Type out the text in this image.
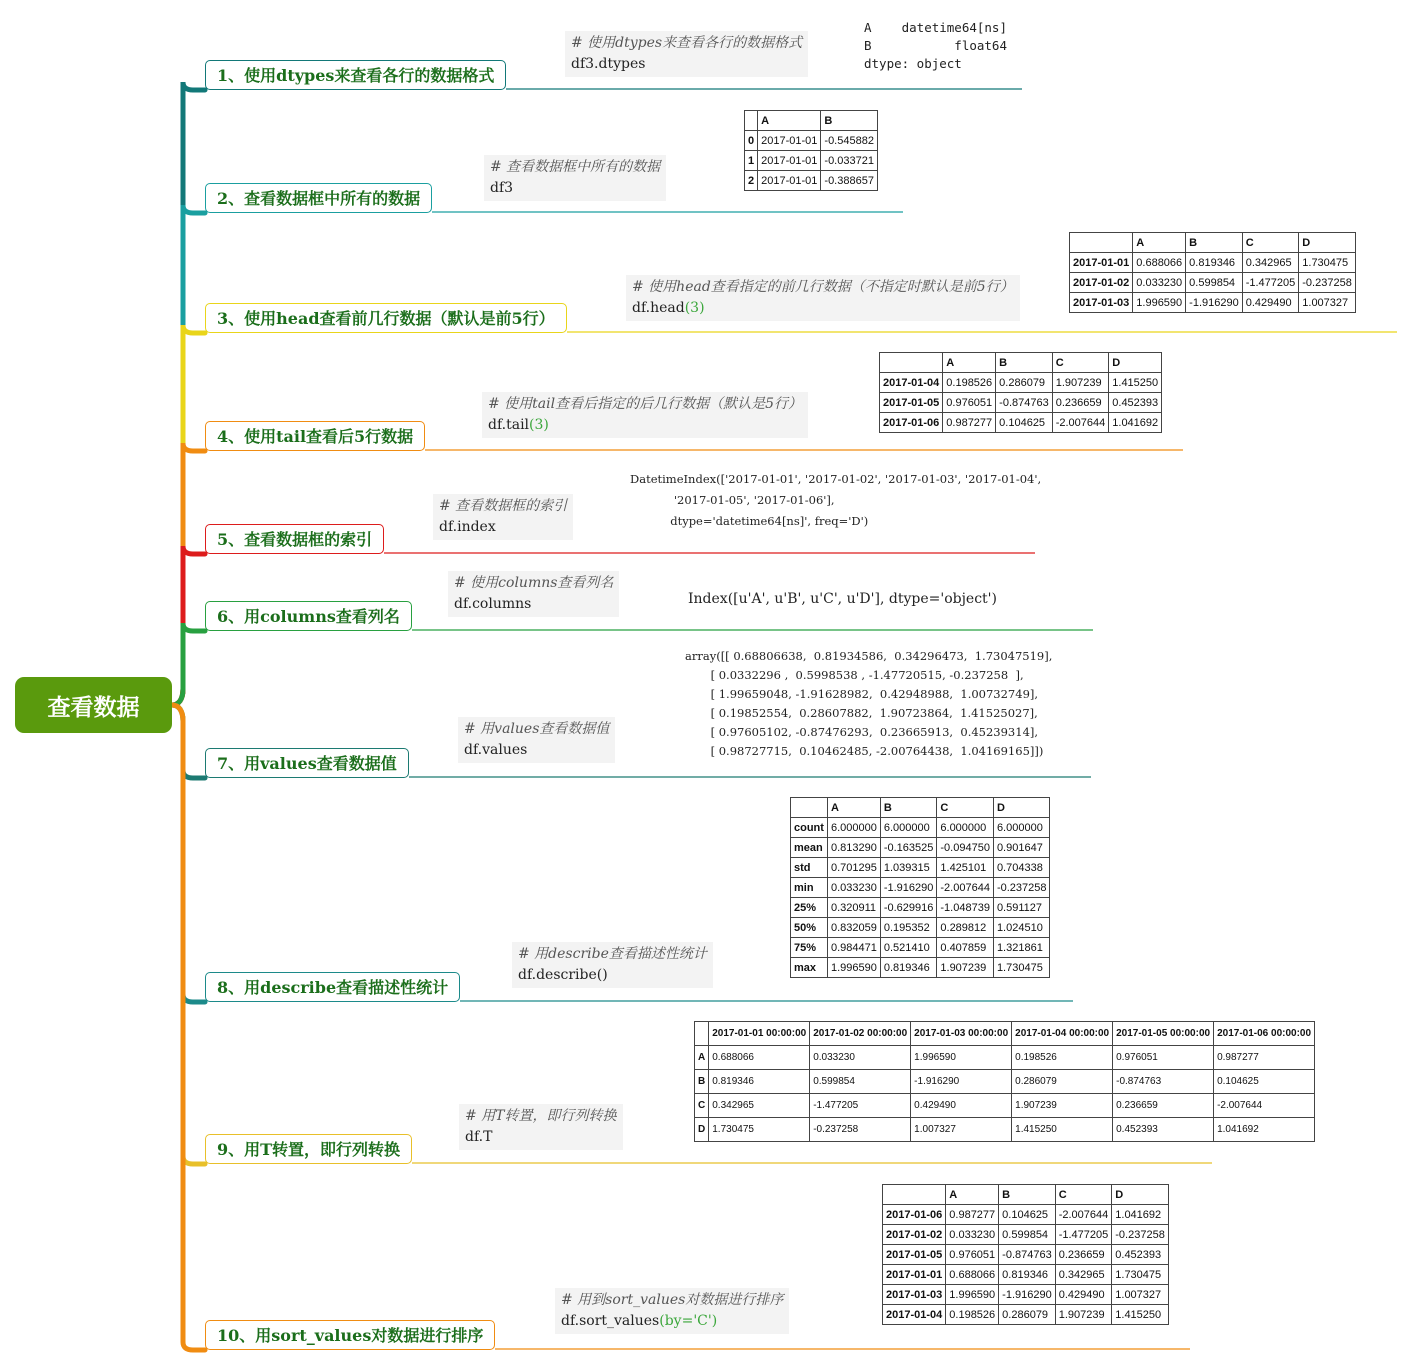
查看数据
1、使用dtypes来查看各行的数据格式
2、查看数据框中所有的数据
3、使用head查看前几行数据（默认是前5行）
4、使用tail查看后5行数据
5、查看数据框的索引
6、用columns查看列名
7、用values查看数据值
8、用describe查看描述性统计
9、用T转置，即行列转换
10、用sort_values对数据进行排序
# 使用dtypes来查看各行的数据格式
df3.dtypes
# 查看数据框中所有的数据
df3
# 使用head查看指定的前几行数据（不指定时默认是前5行）
df.head(3)
# 使用tail查看后指定的后几行数据（默认是5行）
df.tail(3)
# 查看数据框的索引
df.index
# 使用columns查看列名
df.columns
# 用values查看数据值
df.values
# 用describe查看描述性统计
df.describe()
# 用T转置，即行列转换
df.T
# 用到sort_values对数据进行排序
df.sort_values(by='C')
A    datetime64[ns]
B           float64
dtype: object
DatetimeIndex(['2017-01-01', '2017-01-02', '2017-01-03', '2017-01-04',
'2017-01-05', '2017-01-06'],
dtype='datetime64[ns]', freq='D')
Index([u'A', u'B', u'C', u'D'], dtype='object')
array([[ 0.68806638,  0.81934586,  0.34296473,  1.73047519],
[ 0.0332296 ,  0.5998538 , -1.47720515, -0.237258  ],
[ 1.99659048, -1.91628982,  0.42948988,  1.00732749],
[ 0.19852554,  0.28607882,  1.90723864,  1.41525027],
[ 0.97605102, -0.87476293,  0.23665913,  0.45239314],
[ 0.98727715,  0.10462485, -2.00764438,  1.04169165]])
	A	B
0	2017-01-01	-0.545882
1	2017-01-01	-0.033721
2	2017-01-01	-0.388657
	A	B	C	D
2017-01-01	0.688066	0.819346	0.342965	1.730475
2017-01-02	0.033230	0.599854	-1.477205	-0.237258
2017-01-03	1.996590	-1.916290	0.429490	1.007327
	A	B	C	D
2017-01-04	0.198526	0.286079	1.907239	1.415250
2017-01-05	0.976051	-0.874763	0.236659	0.452393
2017-01-06	0.987277	0.104625	-2.007644	1.041692
	A	B	C	D
count	6.000000	6.000000	6.000000	6.000000
mean	0.813290	-0.163525	-0.094750	0.901647
std	0.701295	1.039315	1.425101	0.704338
min	0.033230	-1.916290	-2.007644	-0.237258
25%	0.320911	-0.629916	-1.048739	0.591127
50%	0.832059	0.195352	0.289812	1.024510
75%	0.984471	0.521410	0.407859	1.321861
max	1.996590	0.819346	1.907239	1.730475
	2017-01-01 00:00:00	2017-01-02 00:00:00	2017-01-03 00:00:00	2017-01-04 00:00:00	2017-01-05 00:00:00	2017-01-06 00:00:00
A	0.688066	0.033230	1.996590	0.198526	0.976051	0.987277
B	0.819346	0.599854	-1.916290	0.286079	-0.874763	0.104625
C	0.342965	-1.477205	0.429490	1.907239	0.236659	-2.007644
D	1.730475	-0.237258	1.007327	1.415250	0.452393	1.041692
	A	B	C	D
2017-01-06	0.987277	0.104625	-2.007644	1.041692
2017-01-02	0.033230	0.599854	-1.477205	-0.237258
2017-01-05	0.976051	-0.874763	0.236659	0.452393
2017-01-01	0.688066	0.819346	0.342965	1.730475
2017-01-03	1.996590	-1.916290	0.429490	1.007327
2017-01-04	0.198526	0.286079	1.907239	1.415250
